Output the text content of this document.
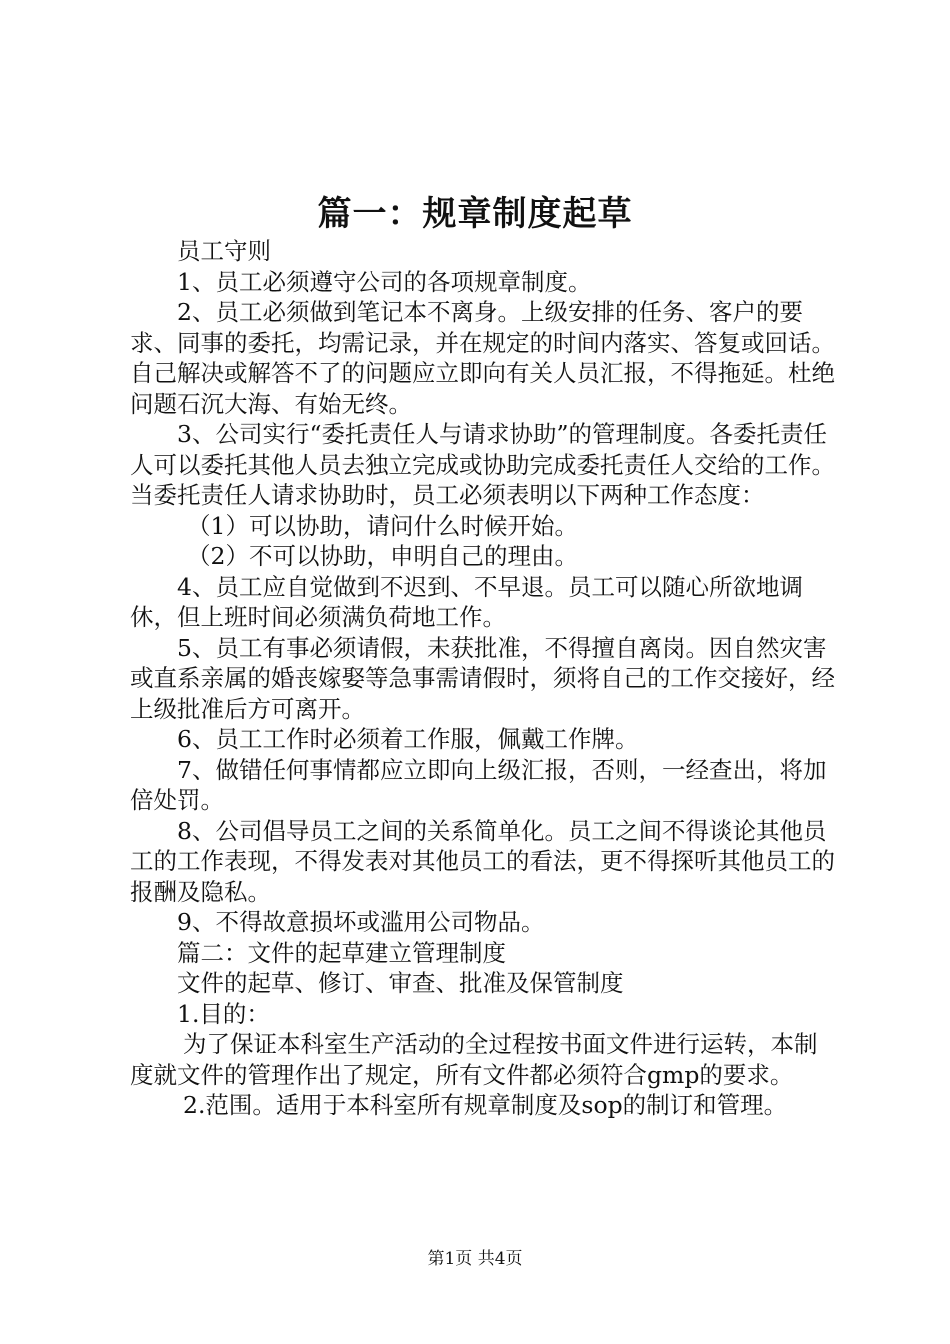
篇一：规章制度起草

员工守则

1、员工必须遵守公司的各项规章制度。

2、员工必须做到笔记本不离身。上级安排的任务、客户的要求、同事的委托，均需记录，并在规定的时间内落实、答复或回话。自己解决或解答不了的问题应立即向有关人员汇报，不得拖延。杜绝问题石沉大海、有始无终。

3、公司实行“委托责任人与请求协助”的管理制度。各委托责任人可以委托其他人员去独立完成或协助完成委托责任人交给的工作。当委托责任人请求协助时，员工必须表明以下两种工作态度：

（1）可以协助，请问什么时候开始。

（2）不可以协助，申明自己的理由。

4、员工应自觉做到不迟到、不早退。员工可以随心所欲地调休，但上班时间必须满负荷地工作。

5、员工有事必须请假，未获批准，不得擅自离岗。因自然灾害或直系亲属的婚丧嫁娶等急事需请假时，须将自己的工作交接好，经上级批准后方可离开。

6、员工工作时必须着工作服，佩戴工作牌。

7、做错任何事情都应立即向上级汇报，否则，一经查出，将加倍处罚。

8、公司倡导员工之间的关系简单化。员工之间不得谈论其他员工的工作表现，不得发表对其他员工的看法，更不得探听其他员工的报酬及隐私。

9、不得故意损坏或滥用公司物品。

篇二：文件的起草建立管理制度

文件的起草、修订、审查、批准及保管制度

1.目的：

为了保证本科室生产活动的全过程按书面文件进行运转，本制度就文件的管理作出了规定，所有文件都必须符合gmp的要求。

2.范围。适用于本科室所有规章制度及sop的制订和管理。

第1页 共4页
